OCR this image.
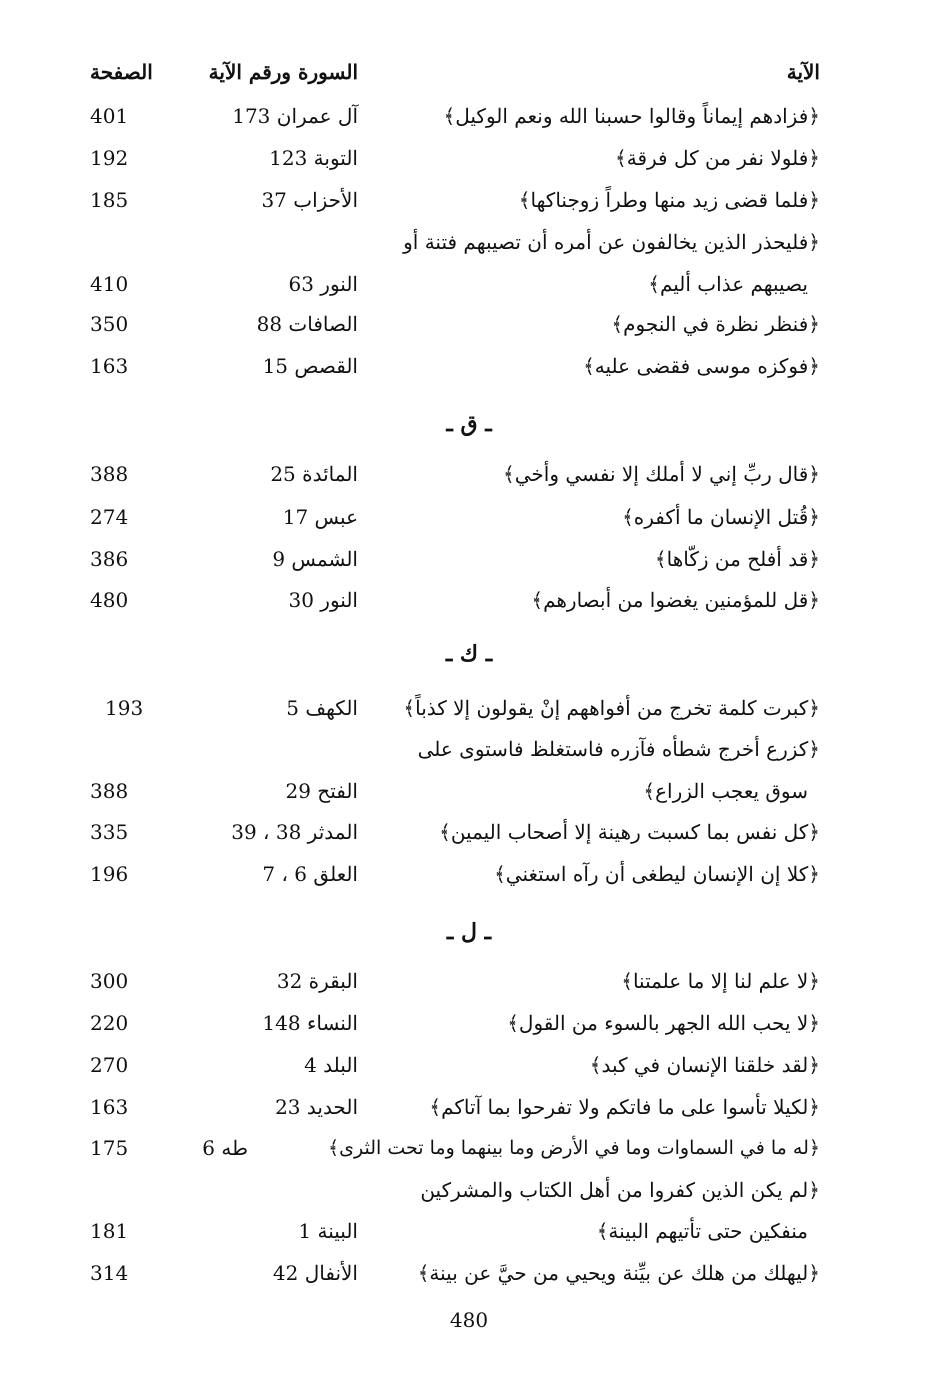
الآية
السورة ورقم الآية
الصفحة
﴿فزادهم إيماناً وقالوا حسبنا الله ونعم الوكيل﴾
آل عمران 173
401
﴿فلولا نفر من كل فرقة﴾
التوبة 123
192
﴿فلما قضى زيد منها وطراً زوجناكها﴾
الأحزاب 37
185
﴿فليحذر الذين يخالفون عن أمره أن تصيبهم فتنة أو
يصيبهم عذاب أليم﴾
النور 63
410
﴿فنظر نظرة في النجوم﴾
الصافات 88
350
﴿فوكزه موسى فقضى عليه﴾
القصص 15
163
ـ ق ـ
﴿قال ربِّ إني لا أملك إلا نفسي وأخي﴾
المائدة 25
388
﴿قُتل الإنسان ما أكفره﴾
عبس 17
274
﴿قد أفلح من زكّاها﴾
الشمس 9
386
﴿قل للمؤمنين يغضوا من أبصارهم﴾
النور 30
480
ـ ك ـ
﴿كبرت كلمة تخرج من أفواههم إنْ يقولون إلا كذباً﴾
الكهف 5
193
﴿كزرع أخرج شطأه فآزره فاستغلظ فاستوى على
سوق يعجب الزراع﴾
الفتح 29
388
﴿كل نفس بما كسبت رهينة إلا أصحاب اليمين﴾
المدثر 38 ، 39
335
﴿كلا إن الإنسان ليطغى أن رآه استغني﴾
العلق 6 ، 7
196
ـ ل ـ
﴿لا علم لنا إلا ما علمتنا﴾
البقرة 32
300
﴿لا يحب الله الجهر بالسوء من القول﴾
النساء 148
220
﴿لقد خلقنا الإنسان في كبد﴾
البلد 4
270
﴿لكيلا تأسوا على ما فاتكم ولا تفرحوا بما آتاكم﴾
الحديد 23
163
﴿له ما في السماوات وما في الأرض وما بينهما وما تحت الثرى﴾
طه 6
175
﴿لم يكن الذين كفروا من أهل الكتاب والمشركين
منفكين حتى تأتيهم البينة﴾
البينة 1
181
﴿ليهلك من هلك عن بيِّنة ويحيي من حيَّ عن بينة﴾
الأنفال 42
314
480
